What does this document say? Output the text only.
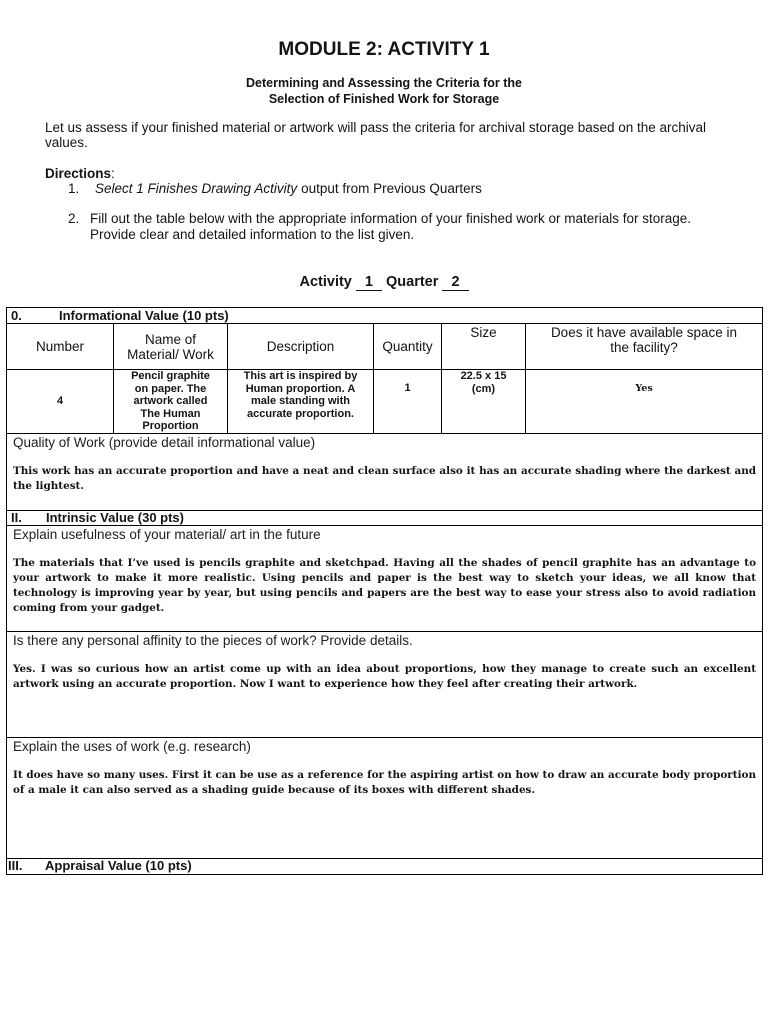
MODULE 2: ACTIVITY 1
Determining and Assessing the Criteria for the
Selection of Finished Work for Storage
Let us assess if your finished material or artwork will pass the criteria for archival storage based on the archival values.
Directions:
1. Select 1 Finishes Drawing Activity output from Previous Quarters
2. Fill out the table below with the appropriate information of your finished work or materials for storage. Provide clear and detailed information to the list given.
Activity 1 Quarter 2
0. Informational Value (10 pts)					
Number	Name of Material/ Work	Description	Quantity	Size	Does it have available space in the facility?
4	Pencil graphite on paper. The artwork called The Human Proportion	This art is inspired by Human proportion. A male standing with accurate proportion.	1	22.5 x 15 (cm)	Yes

Quality of Work (provide detail informational value)
This work has an accurate proportion and have a neat and clean surface also it has an accurate shading where the darkest and the lightest.					

II. Intrinsic Value (30 pts)					

Explain usefulness of your material/ art in the future
The materials that I’ve used is pencils graphite and sketchpad. Having all the shades of pencil graphite has an advantage to your artwork to make it more realistic. Using pencils and paper is the best way to sketch your ideas, we all know that technology is improving year by year, but using pencils and papers are the best way to ease your stress also to avoid radiation coming from your gadget.					

Is there any personal affinity to the pieces of work? Provide details.
Yes. I was so curious how an artist come up with an idea about proportions, how they manage to create such an excellent artwork using an accurate proportion. Now I want to experience how they feel after creating their artwork.					

Explain the uses of work (e.g. research)
It does have so many uses. First it can be use as a reference for the aspiring artist on how to draw an accurate body proportion of a male it can also served as a shading guide because of its boxes with different shades.					

III. Appraisal Value (10 pts)					
